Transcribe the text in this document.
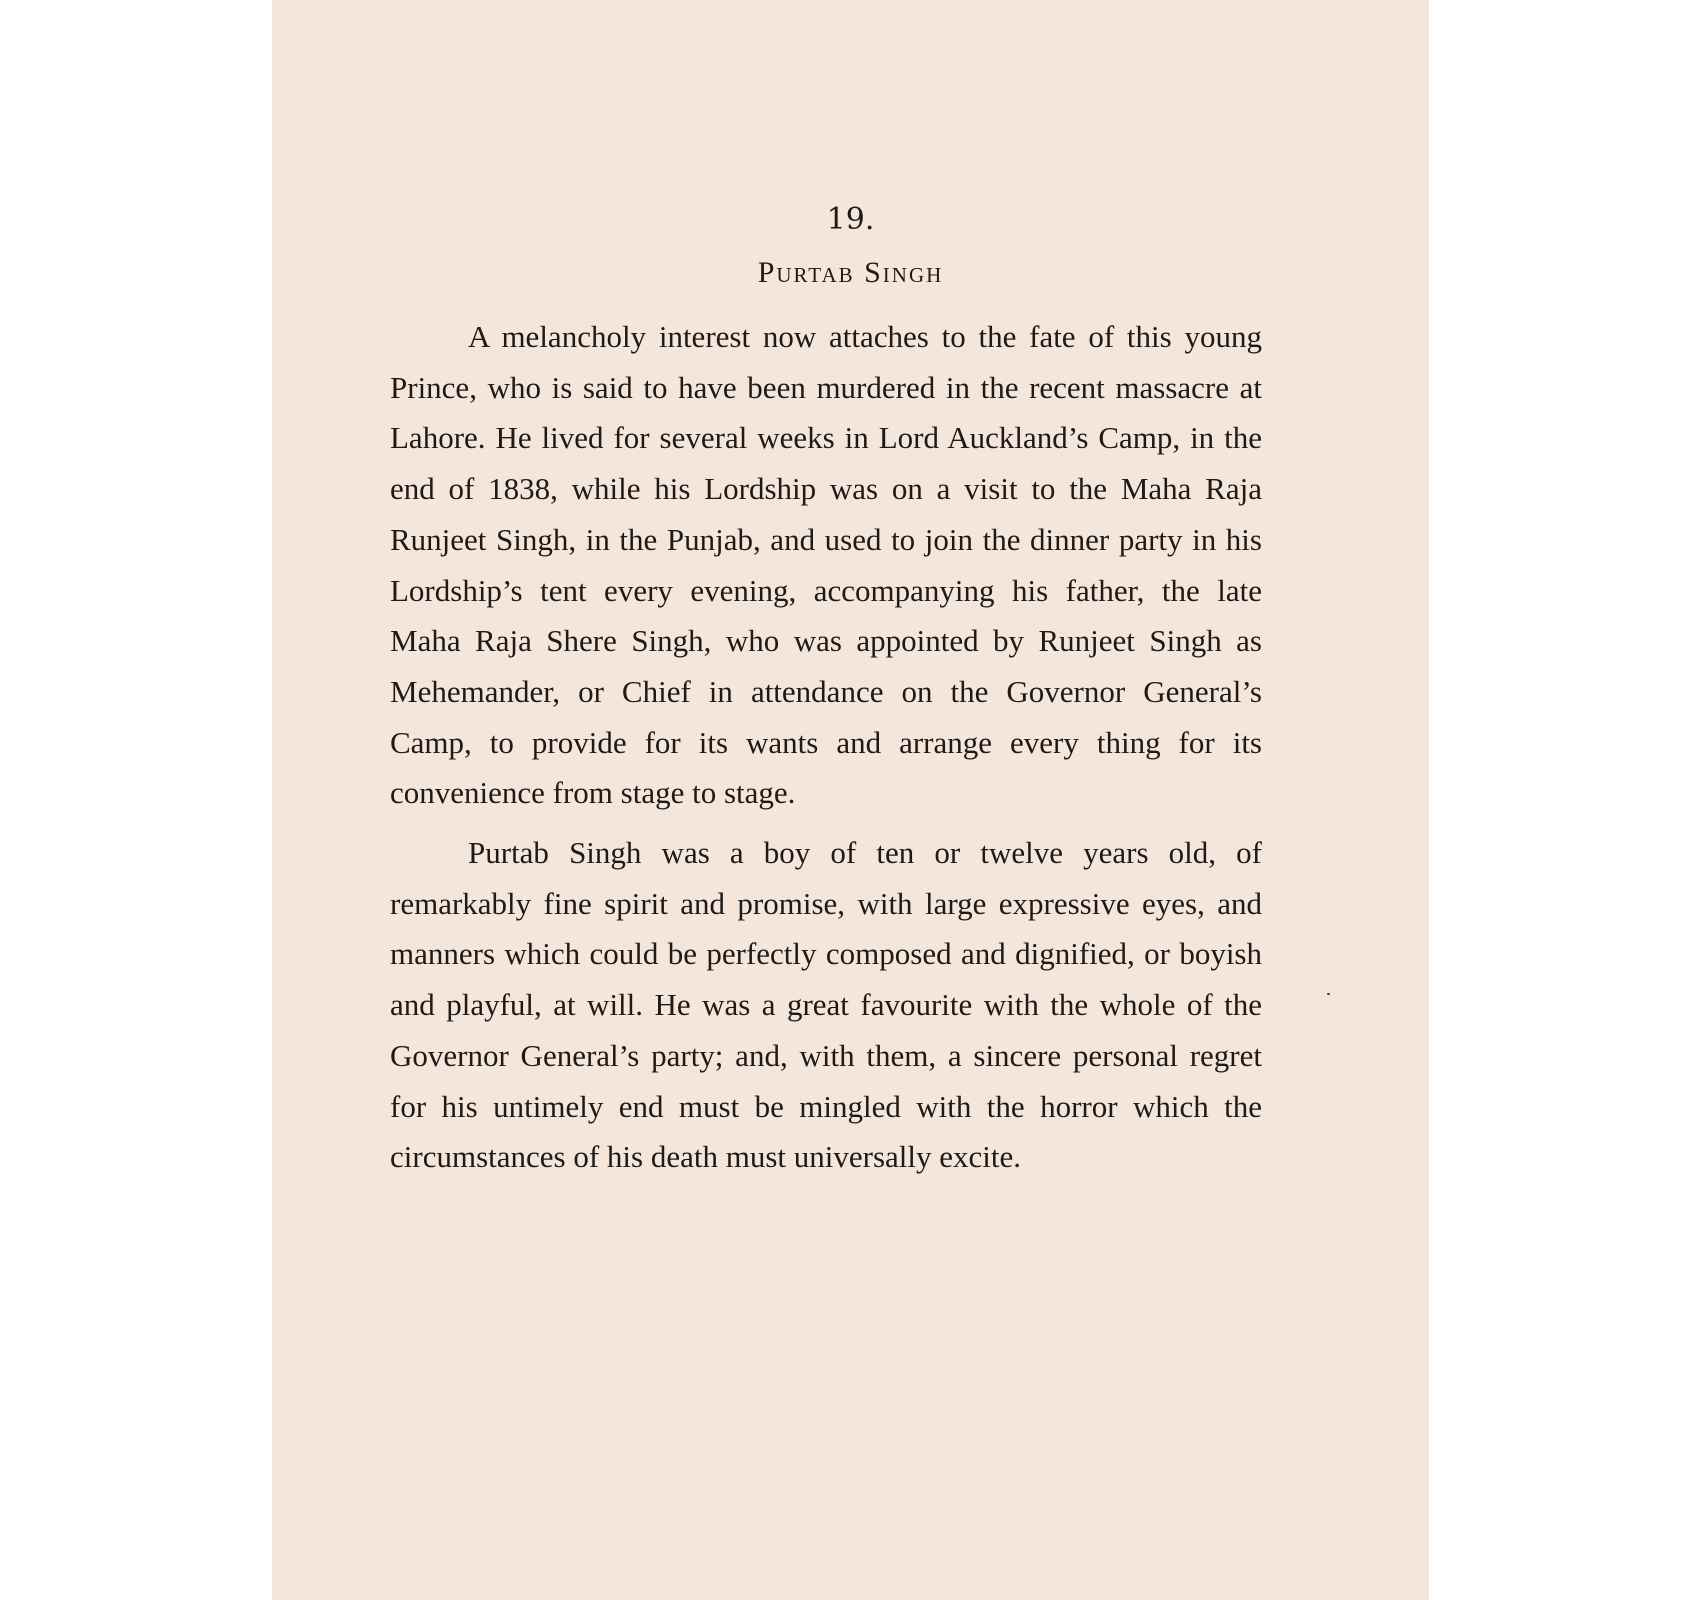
19.
Purtab Singh

A melancholy interest now attaches to the fate of this young Prince, who is said to have been murdered in the recent massacre at Lahore. He lived for several weeks in Lord Auckland’s Camp, in the end of 1838, while his Lordship was on a visit to the Maha Raja Runjeet Singh, in the Punjab, and used to join the dinner party in his Lordship’s tent every evening, accompanying his father, the late Maha Raja Shere Singh, who was appointed by Runjeet Singh as Mehemander, or Chief in attendance on the Governor General’s Camp, to provide for its wants and arrange every thing for its convenience from stage to stage.

Purtab Singh was a boy of ten or twelve years old, of remarkably fine spirit and promise, with large expressive eyes, and manners which could be perfectly composed and dignified, or boyish and playful, at will. He was a great favourite with the whole of the Governor General’s party; and, with them, a sincere personal regret for his untimely end must be mingled with the horror which the circumstances of his death must universally excite.
